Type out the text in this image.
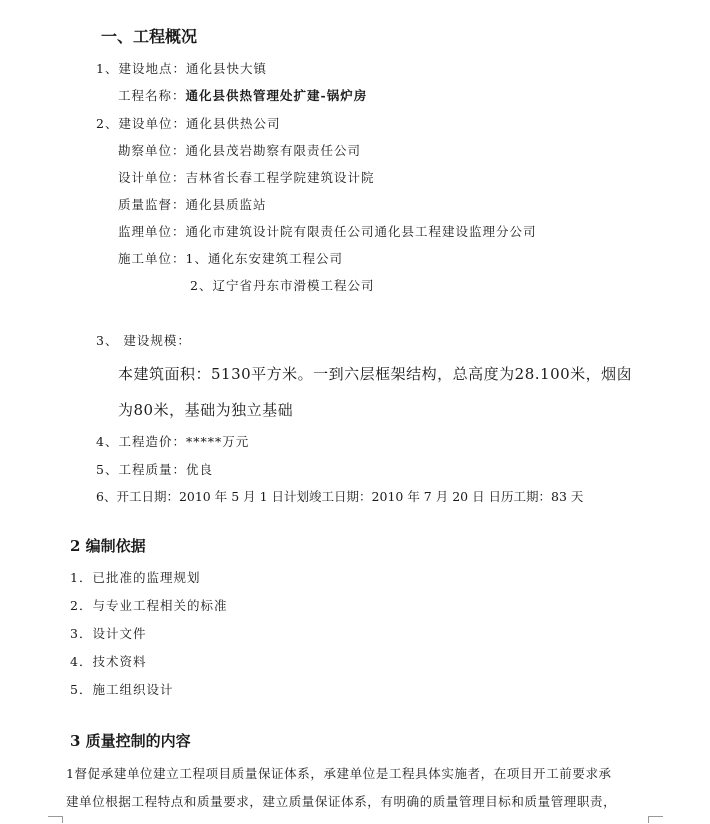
一、工程概况
1、建设地点：通化县快大镇
工程名称：通化县供热管理处扩建-锅炉房
2、建设单位：通化县供热公司
勘察单位：通化县茂岩勘察有限责任公司
设计单位：吉林省长春工程学院建筑设计院
质量监督：通化县质监站
监理单位：通化市建筑设计院有限责任公司通化县工程建设监理分公司
施工单位：1、通化东安建筑工程公司
2、辽宁省丹东市滑模工程公司
3、 建设规模：
本建筑面积：5130平方米。一到六层框架结构，总高度为28.100米，烟囱
为80米，基础为独立基础
4、工程造价：*****万元
5、工程质量：优良
6、开工日期：2010 年 5 月 1 日计划竣工日期：2010 年 7 月 20 日 日历工期：83 天
2 编制依据
1．已批准的监理规划
2．与专业工程相关的标准
3．设计文件
4．技术资料
5．施工组织设计
3 质量控制的内容
1督促承建单位建立工程项目质量保证体系，承建单位是工程具体实施者，在项目开工前要求承
建单位根据工程特点和质量要求，建立质量保证体系，有明确的质量管理目标和质量管理职责，
